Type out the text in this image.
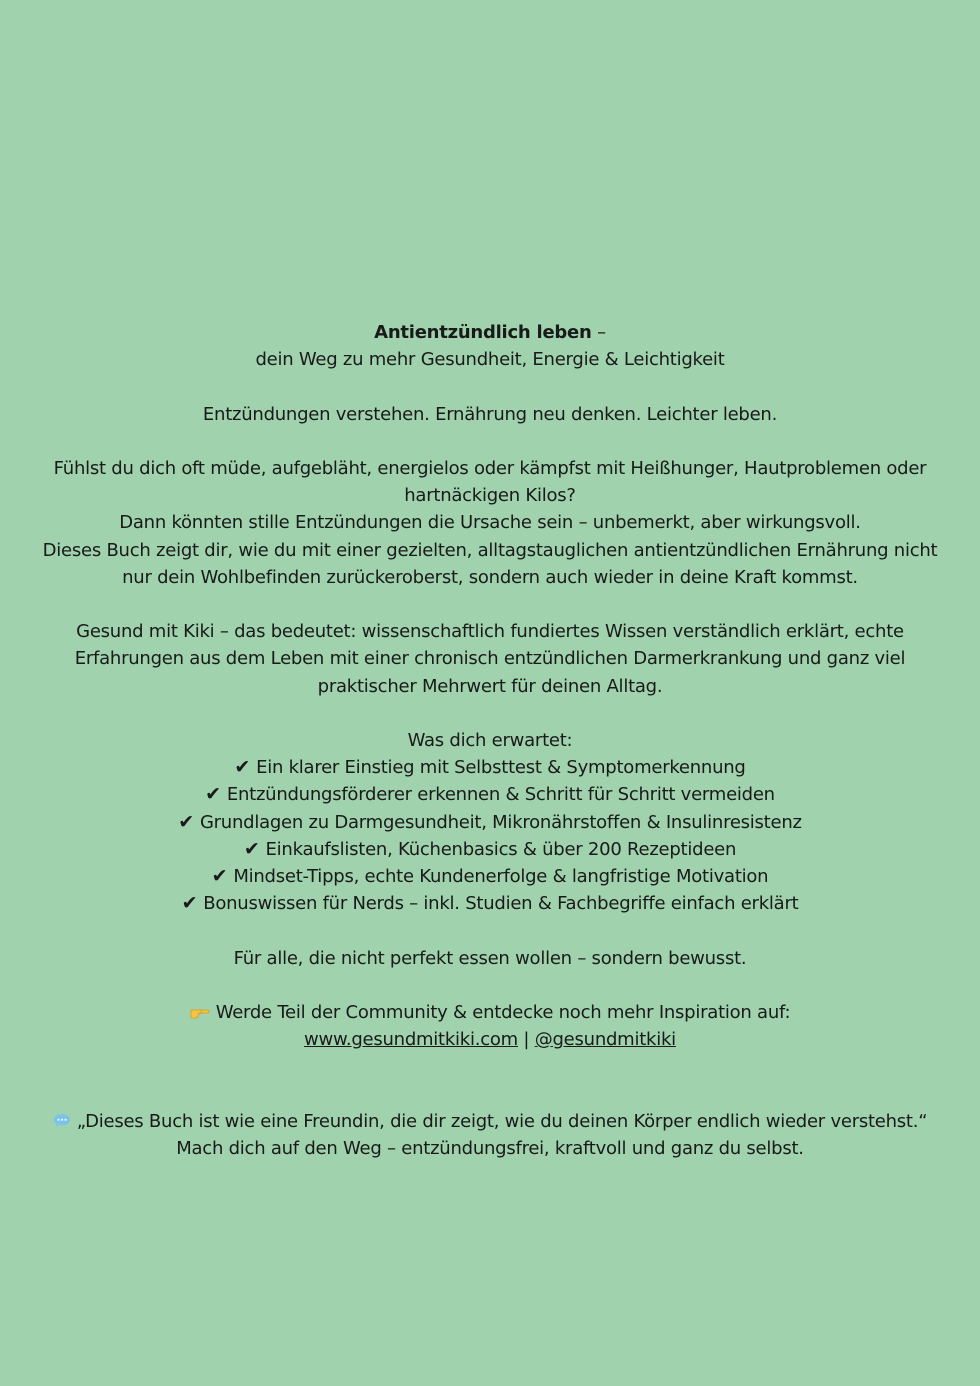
Antientzündlich leben –
dein Weg zu mehr Gesundheit, Energie & Leichtigkeit
Entzündungen verstehen. Ernährung neu denken. Leichter leben.
Fühlst du dich oft müde, aufgebläht, energielos oder kämpfst mit Heißhunger, Hautproblemen oder
hartnäckigen Kilos?
Dann könnten stille Entzündungen die Ursache sein – unbemerkt, aber wirkungsvoll.
Dieses Buch zeigt dir, wie du mit einer gezielten, alltagstauglichen antientzündlichen Ernährung nicht
nur dein Wohlbefinden zurückeroberst, sondern auch wieder in deine Kraft kommst.
Gesund mit Kiki – das bedeutet: wissenschaftlich fundiertes Wissen verständlich erklärt, echte
Erfahrungen aus dem Leben mit einer chronisch entzündlichen Darmerkrankung und ganz viel
praktischer Mehrwert für deinen Alltag.
Was dich erwartet:
✔ Ein klarer Einstieg mit Selbsttest & Symptomerkennung
✔ Entzündungsförderer erkennen & Schritt für Schritt vermeiden
✔ Grundlagen zu Darmgesundheit, Mikronährstoffen & Insulinresistenz
✔ Einkaufslisten, Küchenbasics & über 200 Rezeptideen
✔ Mindset-Tipps, echte Kundenerfolge & langfristige Motivation
✔ Bonuswissen für Nerds – inkl. Studien & Fachbegriffe einfach erklärt
Für alle, die nicht perfekt essen wollen – sondern bewusst.
Werde Teil der Community & entdecke noch mehr Inspiration auf:
www.gesundmitkiki.com | @gesundmitkiki
„Dieses Buch ist wie eine Freundin, die dir zeigt, wie du deinen Körper endlich wieder verstehst.“
Mach dich auf den Weg – entzündungsfrei, kraftvoll und ganz du selbst.
